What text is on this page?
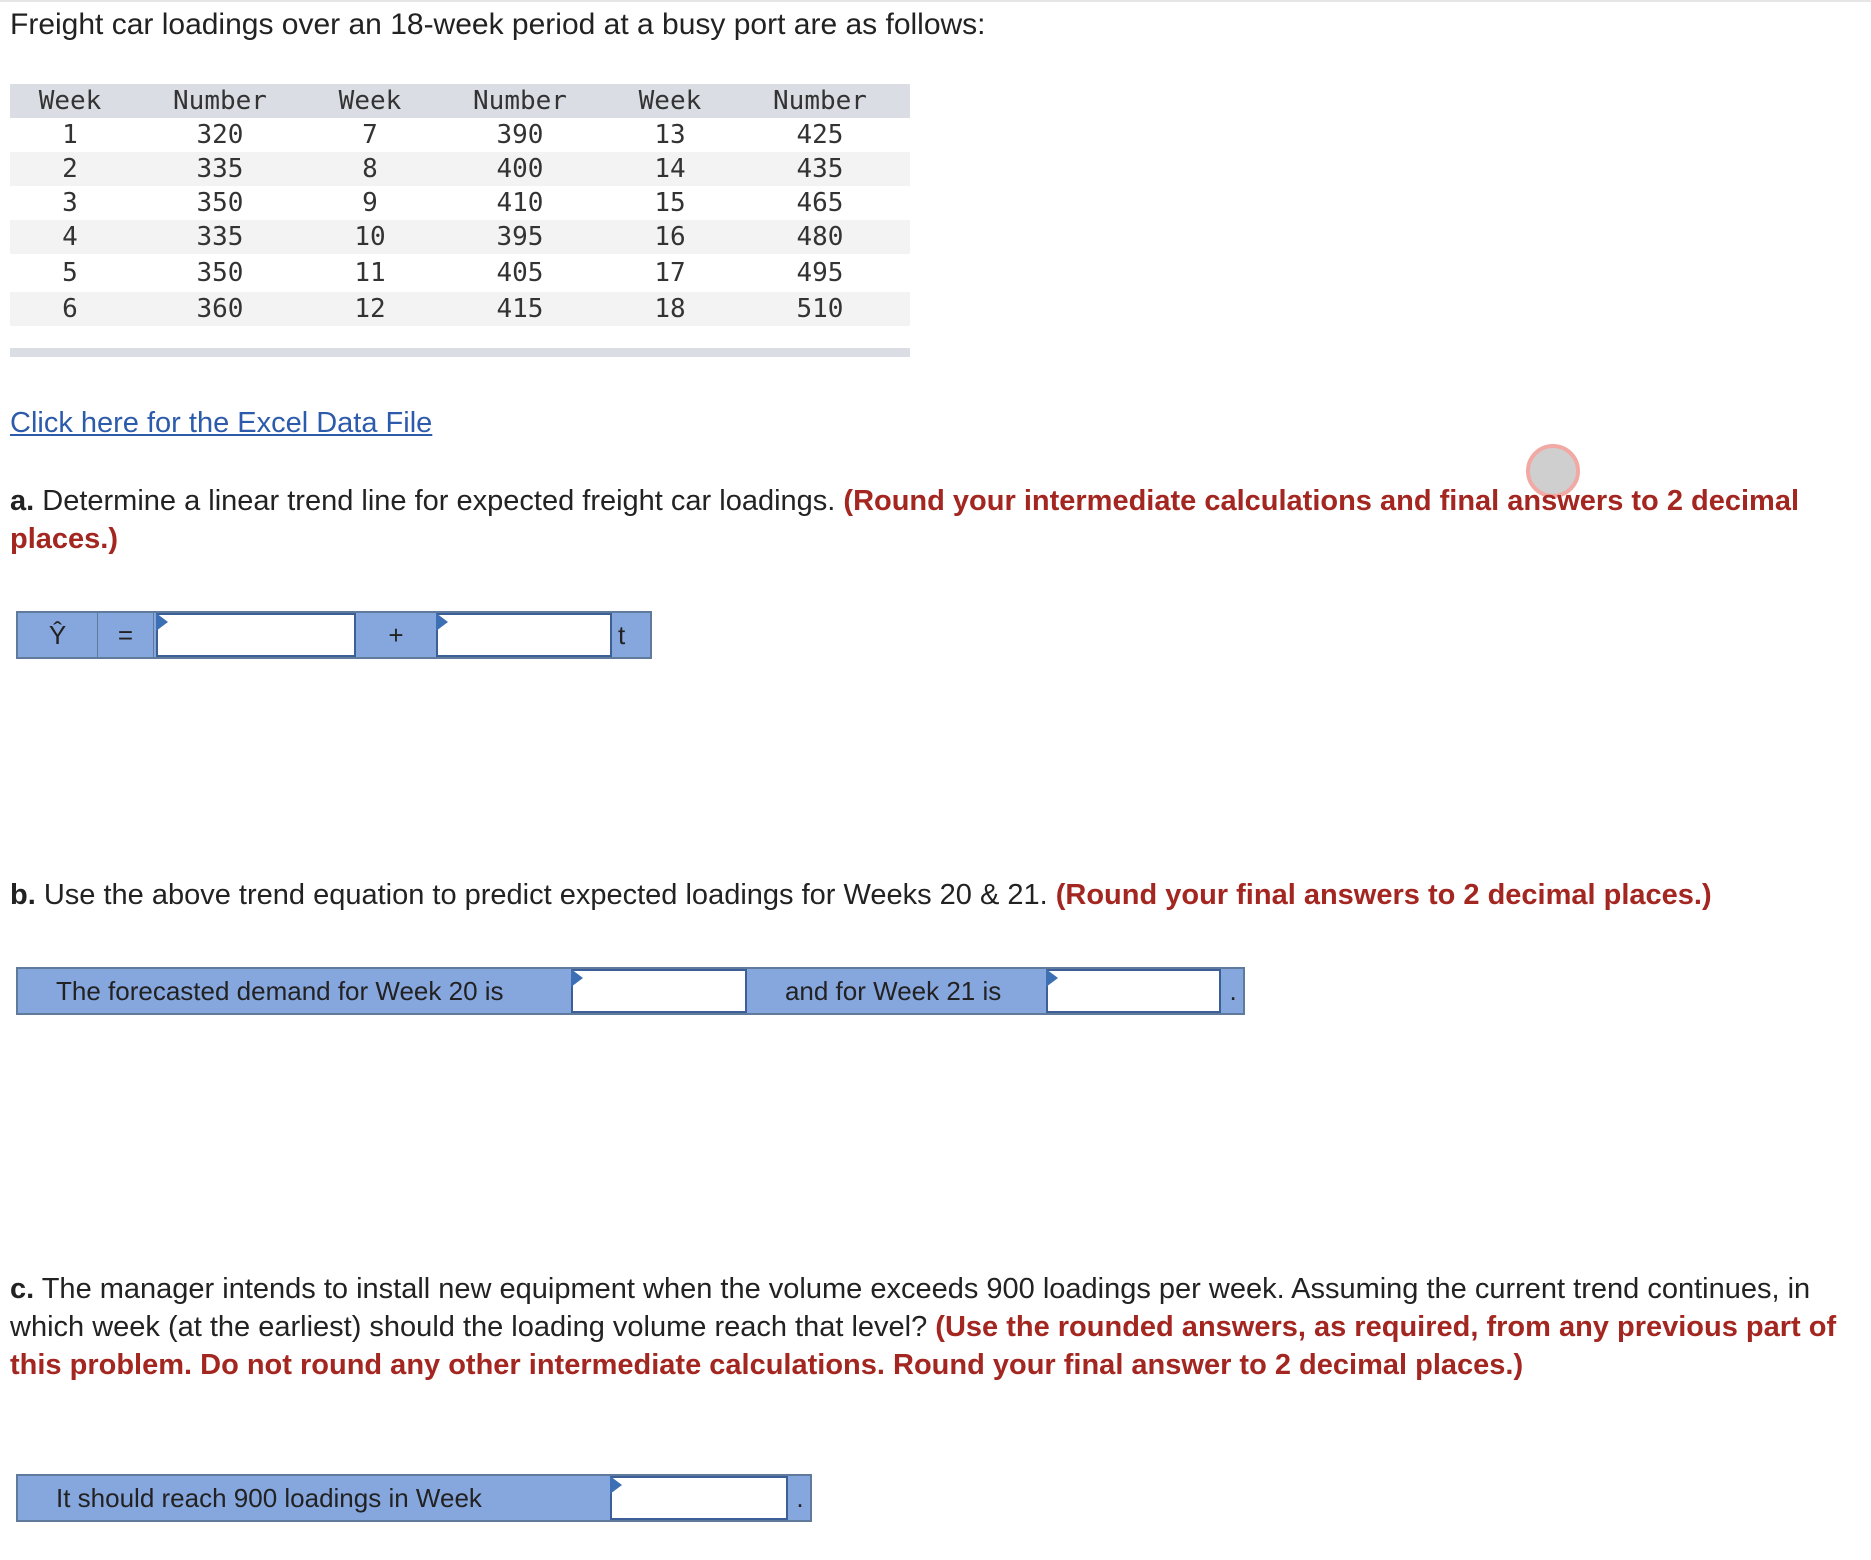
Freight car loadings over an 18-week period at a busy port are as follows:
Week	Number	Week	Number	Week	Number
1	320	7	390	13	425
2	335	8	400	14	435
3	350	9	410	15	465
4	335	10	395	16	480
5	350	11	405	17	495
6	360	12	415	18	510
Click here for the Excel Data File
a. Determine a linear trend line for expected freight car loadings. (Round your intermediate calculations and final answers to 2 decimal places.)
Ŷ	=	+	t
b. Use the above trend equation to predict expected loadings for Weeks 20 & 21. (Round your final answers to 2 decimal places.)
The forecasted demand for Week 20 is	and for Week 21 is	.
c. The manager intends to install new equipment when the volume exceeds 900 loadings per week. Assuming the current trend continues, in which week (at the earliest) should the loading volume reach that level? (Use the rounded answers, as required, from any previous part of this problem. Do not round any other intermediate calculations. Round your final answer to 2 decimal places.)
It should reach 900 loadings in Week	.
